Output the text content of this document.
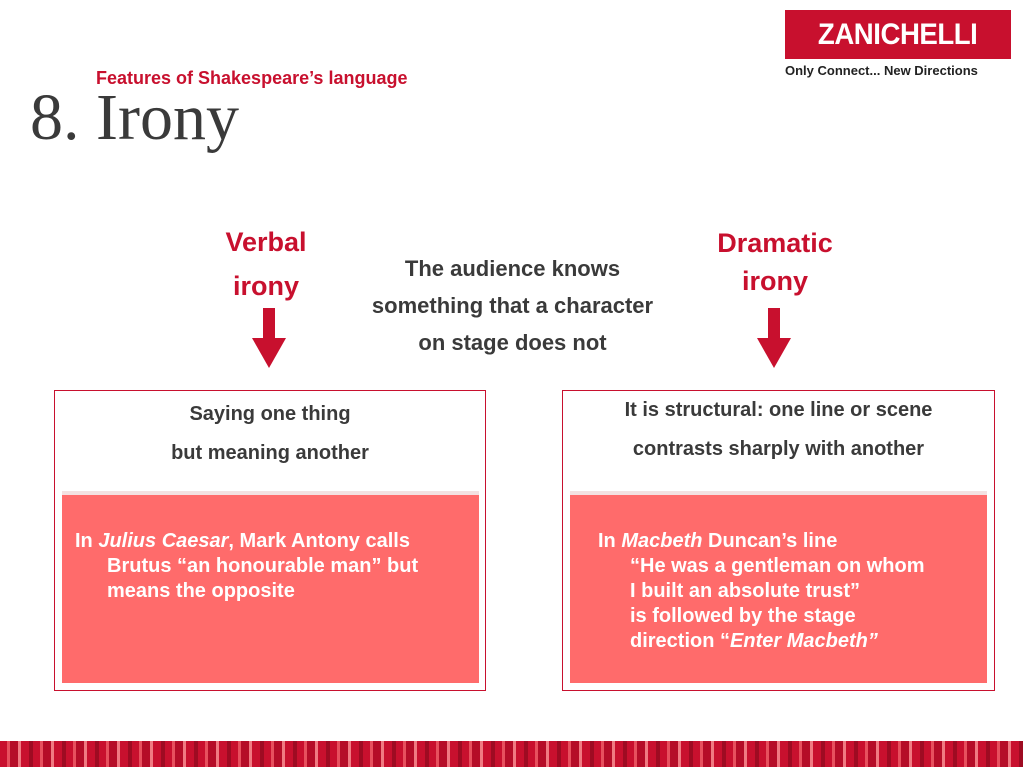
ZANICHELLI
Only Connect... New Directions
Features of Shakespeare’s language
8. Irony
Verbal
irony
Dramatic
irony
The audience knows
something that a character
on stage does not
Saying one thing
but meaning another
In Julius Caesar, Mark Antony calls
Brutus “an honourable man” but
means the opposite
It is structural: one line or scene
contrasts sharply with another
In Macbeth Duncan’s line
“He was a gentleman on whom
I built an absolute trust”
is followed by the stage
direction “Enter Macbeth”
